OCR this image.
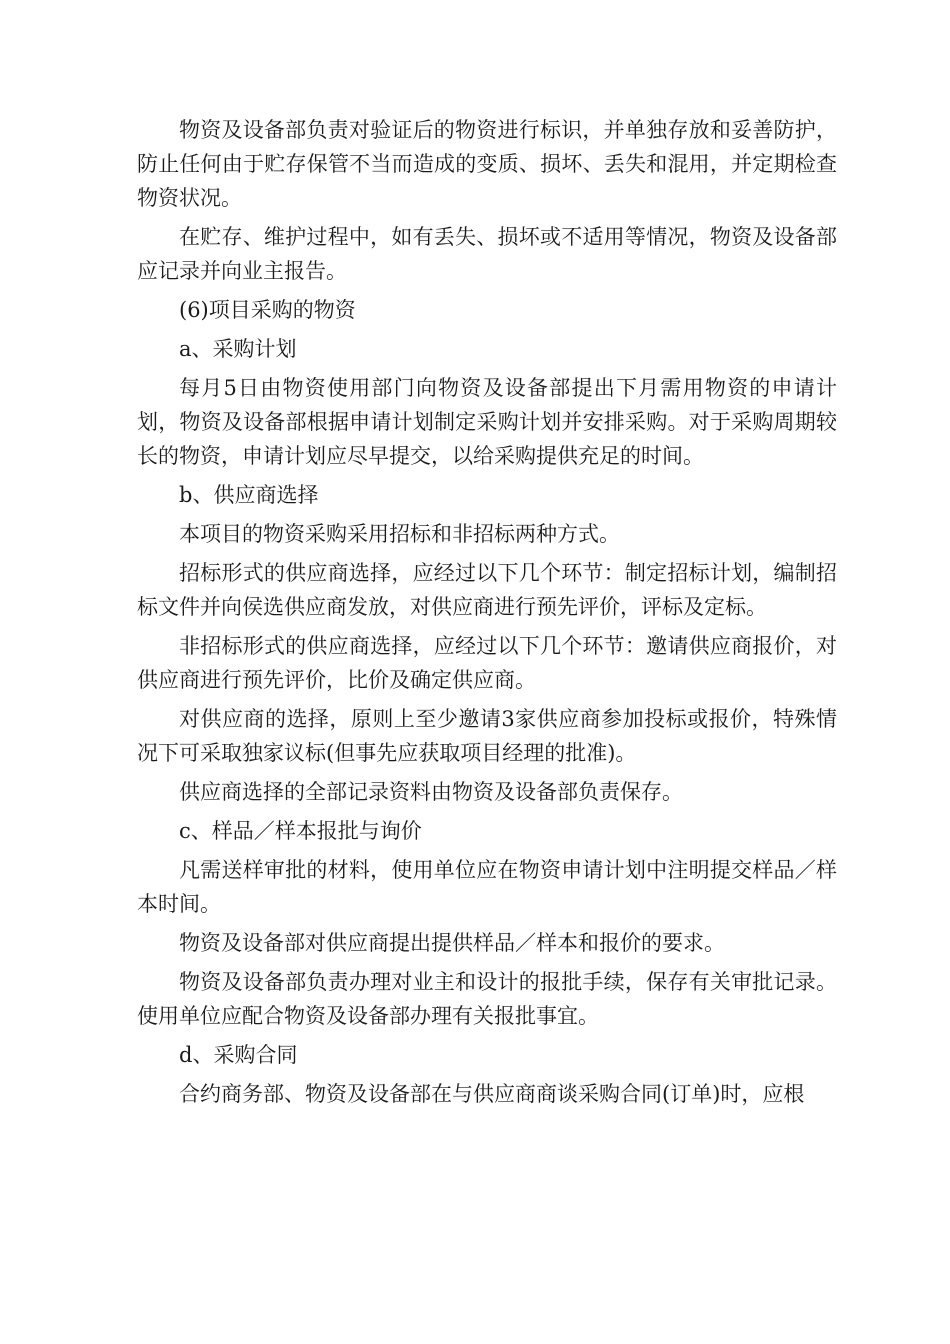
物资及设备部负责对验证后的物资进行标识，并单独存放和妥善防护，防止任何由于贮存保管不当而造成的变质、损坏、丢失和混用，并定期检查物资状况。

在贮存、维护过程中，如有丢失、损坏或不适用等情况，物资及设备部应记录并向业主报告。

(6)项目采购的物资

a、采购计划

每月5日由物资使用部门向物资及设备部提出下月需用物资的申请计划，物资及设备部根据申请计划制定采购计划并安排采购。对于采购周期较长的物资，申请计划应尽早提交，以给采购提供充足的时间。

b、供应商选择

本项目的物资采购采用招标和非招标两种方式。

招标形式的供应商选择，应经过以下几个环节：制定招标计划，编制招标文件并向侯选供应商发放，对供应商进行预先评价，评标及定标。

非招标形式的供应商选择，应经过以下几个环节：邀请供应商报价，对供应商进行预先评价，比价及确定供应商。

对供应商的选择，原则上至少邀请3家供应商参加投标或报价，特殊情况下可采取独家议标(但事先应获取项目经理的批准)。

供应商选择的全部记录资料由物资及设备部负责保存。

c、样品／样本报批与询价

凡需送样审批的材料，使用单位应在物资申请计划中注明提交样品／样本时间。

物资及设备部对供应商提出提供样品／样本和报价的要求。

物资及设备部负责办理对业主和设计的报批手续，保存有关审批记录。使用单位应配合物资及设备部办理有关报批事宜。

d、采购合同

合约商务部、物资及设备部在与供应商商谈采购合同(订单)时，应根
